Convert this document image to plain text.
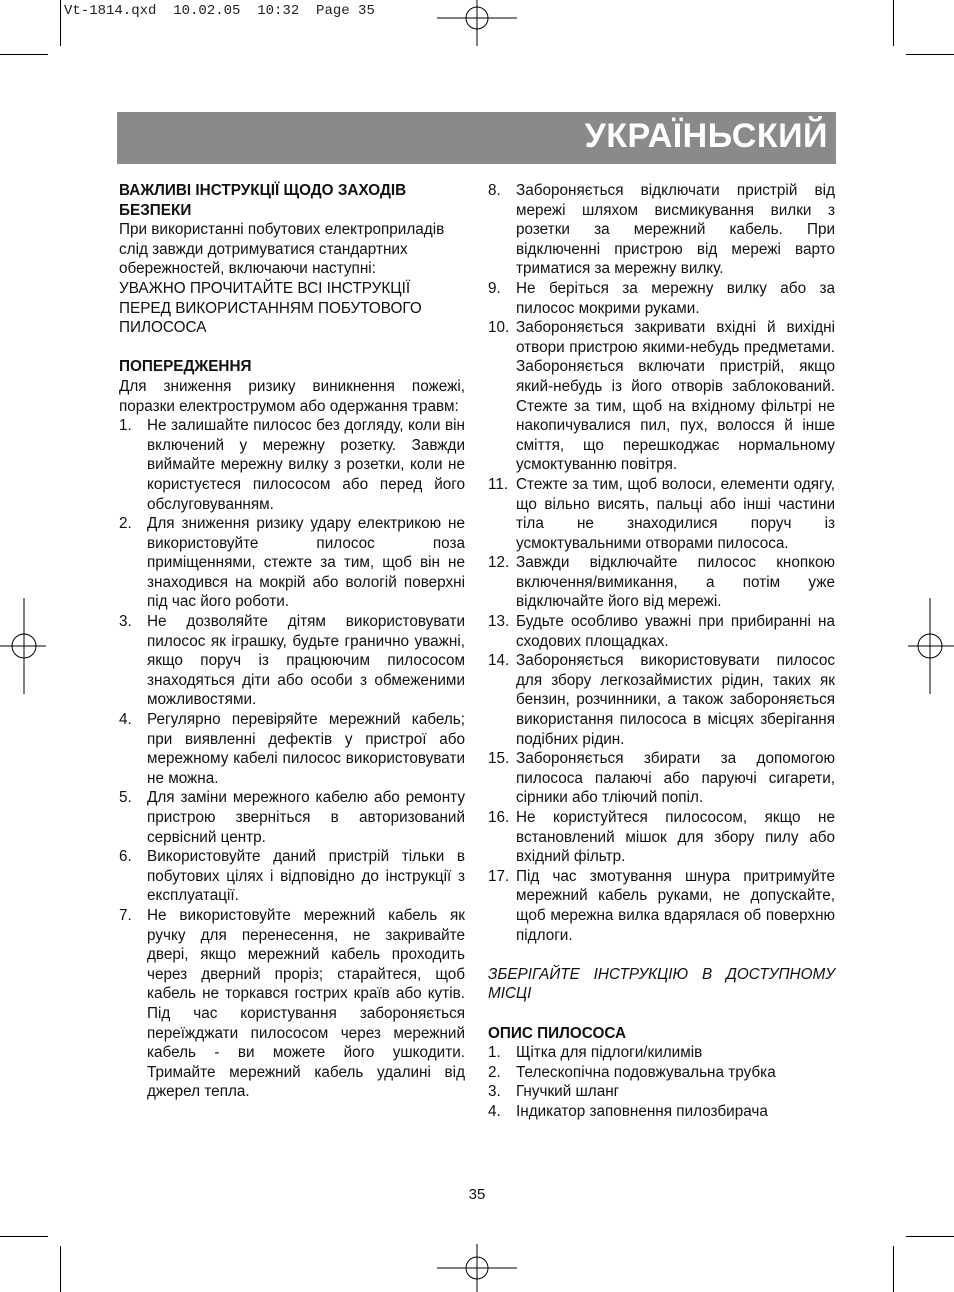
Vt-1814.qxd  10.02.05  10:32  Page 35
УКРАЇНЬСКИЙ

ВАЖЛИВІ ІНСТРУКЦІЇ ЩОДО ЗАХОДІВ БЕЗПЕКИ

При використанні побутових електроприладів слід завжди дотримуватися стандартних обережностей, включаючи наступні:

УВАЖНО ПРОЧИТАЙТЕ ВСІ ІНСТРУКЦІЇ ПЕРЕД ВИКОРИСТАННЯМ ПОБУТОВОГО ПИЛОСОСА

ПОПЕРЕДЖЕННЯ

Для зниження ризику виникнення пожежі, поразки електрострумом або одержання травм:

1. Не залишайте пилосос без догляду, коли він включений у мережну розетку. Завжди виймайте мережну вилку з розетки, коли не користуєтеся пилососом або перед його обслуговуванням.
2. Для зниження ризику удару електрикою не використовуйте пилосос поза приміщеннями, стежте за тим, щоб він не знаходився на мокрій або вологій поверхні під час його роботи.
3. Не дозволяйте дітям використовувати пилосос як іграшку, будьте гранично уважні, якщо поруч із працюючим пилососом знаходяться діти або особи з обмеженими можливостями.
4. Регулярно перевіряйте мережний кабель; при виявленні дефектів у пристрої або мережному кабелі пилосос використовувати не можна.
5. Для заміни мережного кабелю або ремонту пристрою зверніться в авторизований сервісний центр.
6. Використовуйте даний пристрій тільки в побутових цілях і відповідно до інструкції з експлуатації.
7. Не використовуйте мережний кабель як ручку для перенесення, не закривайте двері, якщо мережний кабель проходить через дверний проріз; старайтеся, щоб кабель не торкався гострих країв або кутів. Під час користування забороняється переїжджати пилососом через мережний кабель - ви можете його ушкодити. Тримайте мережний кабель удалині від джерел тепла.
8. Забороняється відключати пристрій від мережі шляхом висмикування вилки з розетки за мережний кабель. При відключенні пристрою від мережі варто триматися за мережну вилку.
9. Не беріться за мережну вилку або за пилосос мокрими руками.
10. Забороняється закривати вхідні й вихідні отвори пристрою якими-небудь предметами. Забороняється включати пристрій, якщо який-небудь із його отворів заблокований. Стежте за тим, щоб на вхідному фільтрі не накопичувалися пил, пух, волосся й інше сміття, що перешкоджає нормальному усмоктуванню повітря.
11. Стежте за тим, щоб волоси, елементи одягу, що вільно висять, пальці або інші частини тіла не знаходилися поруч із усмоктувальними отворами пилососа.
12. Завжди відключайте пилосос кнопкою включення/вимикання, а потім уже відключайте його від мережі.
13. Будьте особливо уважні при прибиранні на сходових площадках.
14. Забороняється використовувати пилосос для збору легкозаймистих рідин, таких як бензин, розчинники, а також забороняється використання пилососа в місцях зберігання подібних рідин.
15. Забороняється збирати за допомогою пилососа палаючі або паруючі сигарети, сірники або тліючий попіл.
16. Не користуйтеся пилососом, якщо не встановлений мішок для збору пилу або вхідний фільтр.
17. Під час змотування шнура притримуйте мережний кабель руками, не допускайте, щоб мережна вилка вдарялася об поверхню підлоги.

ЗБЕРІГАЙТЕ ІНСТРУКЦІЮ В ДОСТУПНОМУ МІСЦІ

ОПИС ПИЛОСОСА

1. Щітка для підлоги/килимів
2. Телескопічна подовжувальна трубка
3. Гнучкий шланг
4. Індикатор заповнення пилозбирача
35
